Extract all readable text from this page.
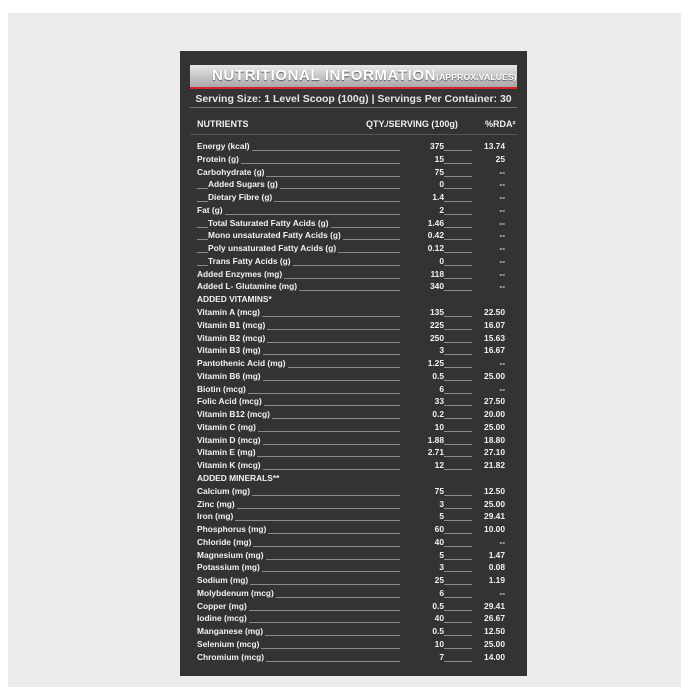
NUTRITIONAL INFORMATION(APPROX.VALUES)
Serving Size: 1 Level Scoop (100g) | Servings Per Container: 30
NUTRIENTS	QTY./SERVING (100g)	%RDA²
Energy (kcal)	375	13.74
Protein (g)	15	25
Carbohydrate (g)	75	--
Added Sugars (g)	0	--
Dietary Fibre (g)	1.4	--
Fat (g)	2	--
Total Saturated Fatty Acids (g)	1.46	--
Mono unsaturated Fatty Acids (g)	0.42	--
Poly unsaturated Fatty Acids (g)	0.12	--
Trans Fatty Acids (g)	0	--
Added Enzymes (mg)	118	--
Added L- Glutamine (mg)	340	--
ADDED VITAMINS*
Vitamin A (mcg)	135	22.50
Vitamin B1 (mcg)	225	16.07
Vitamin B2 (mcg)	250	15.63
Vitamin B3 (mg)	3	16.67
Pantothenic Acid (mg)	1.25	--
Vitamin B6 (mg)	0.5	25.00
Biotin (mcg)	6	--
Folic Acid (mcg)	33	27.50
Vitamin B12 (mcg)	0.2	20.00
Vitamin C (mg)	10	25.00
Vitamin D (mcg)	1.88	18.80
Vitamin E (mg)	2.71	27.10
Vitamin K (mcg)	12	21.82
ADDED MINERALS**
Calcium (mg)	75	12.50
Zinc (mg)	3	25.00
Iron (mg)	5	29.41
Phosphorus (mg)	60	10.00
Chloride (mg)	40	--
Magnesium (mg)	5	1.47
Potassium (mg)	3	0.08
Sodium (mg)	25	1.19
Molybdenum (mcg)	6	--
Copper (mg)	0.5	29.41
Iodine (mcg)	40	26.67
Manganese (mg)	0.5	12.50
Selenium (mcg)	10	25.00
Chromium (mcg)	7	14.00
